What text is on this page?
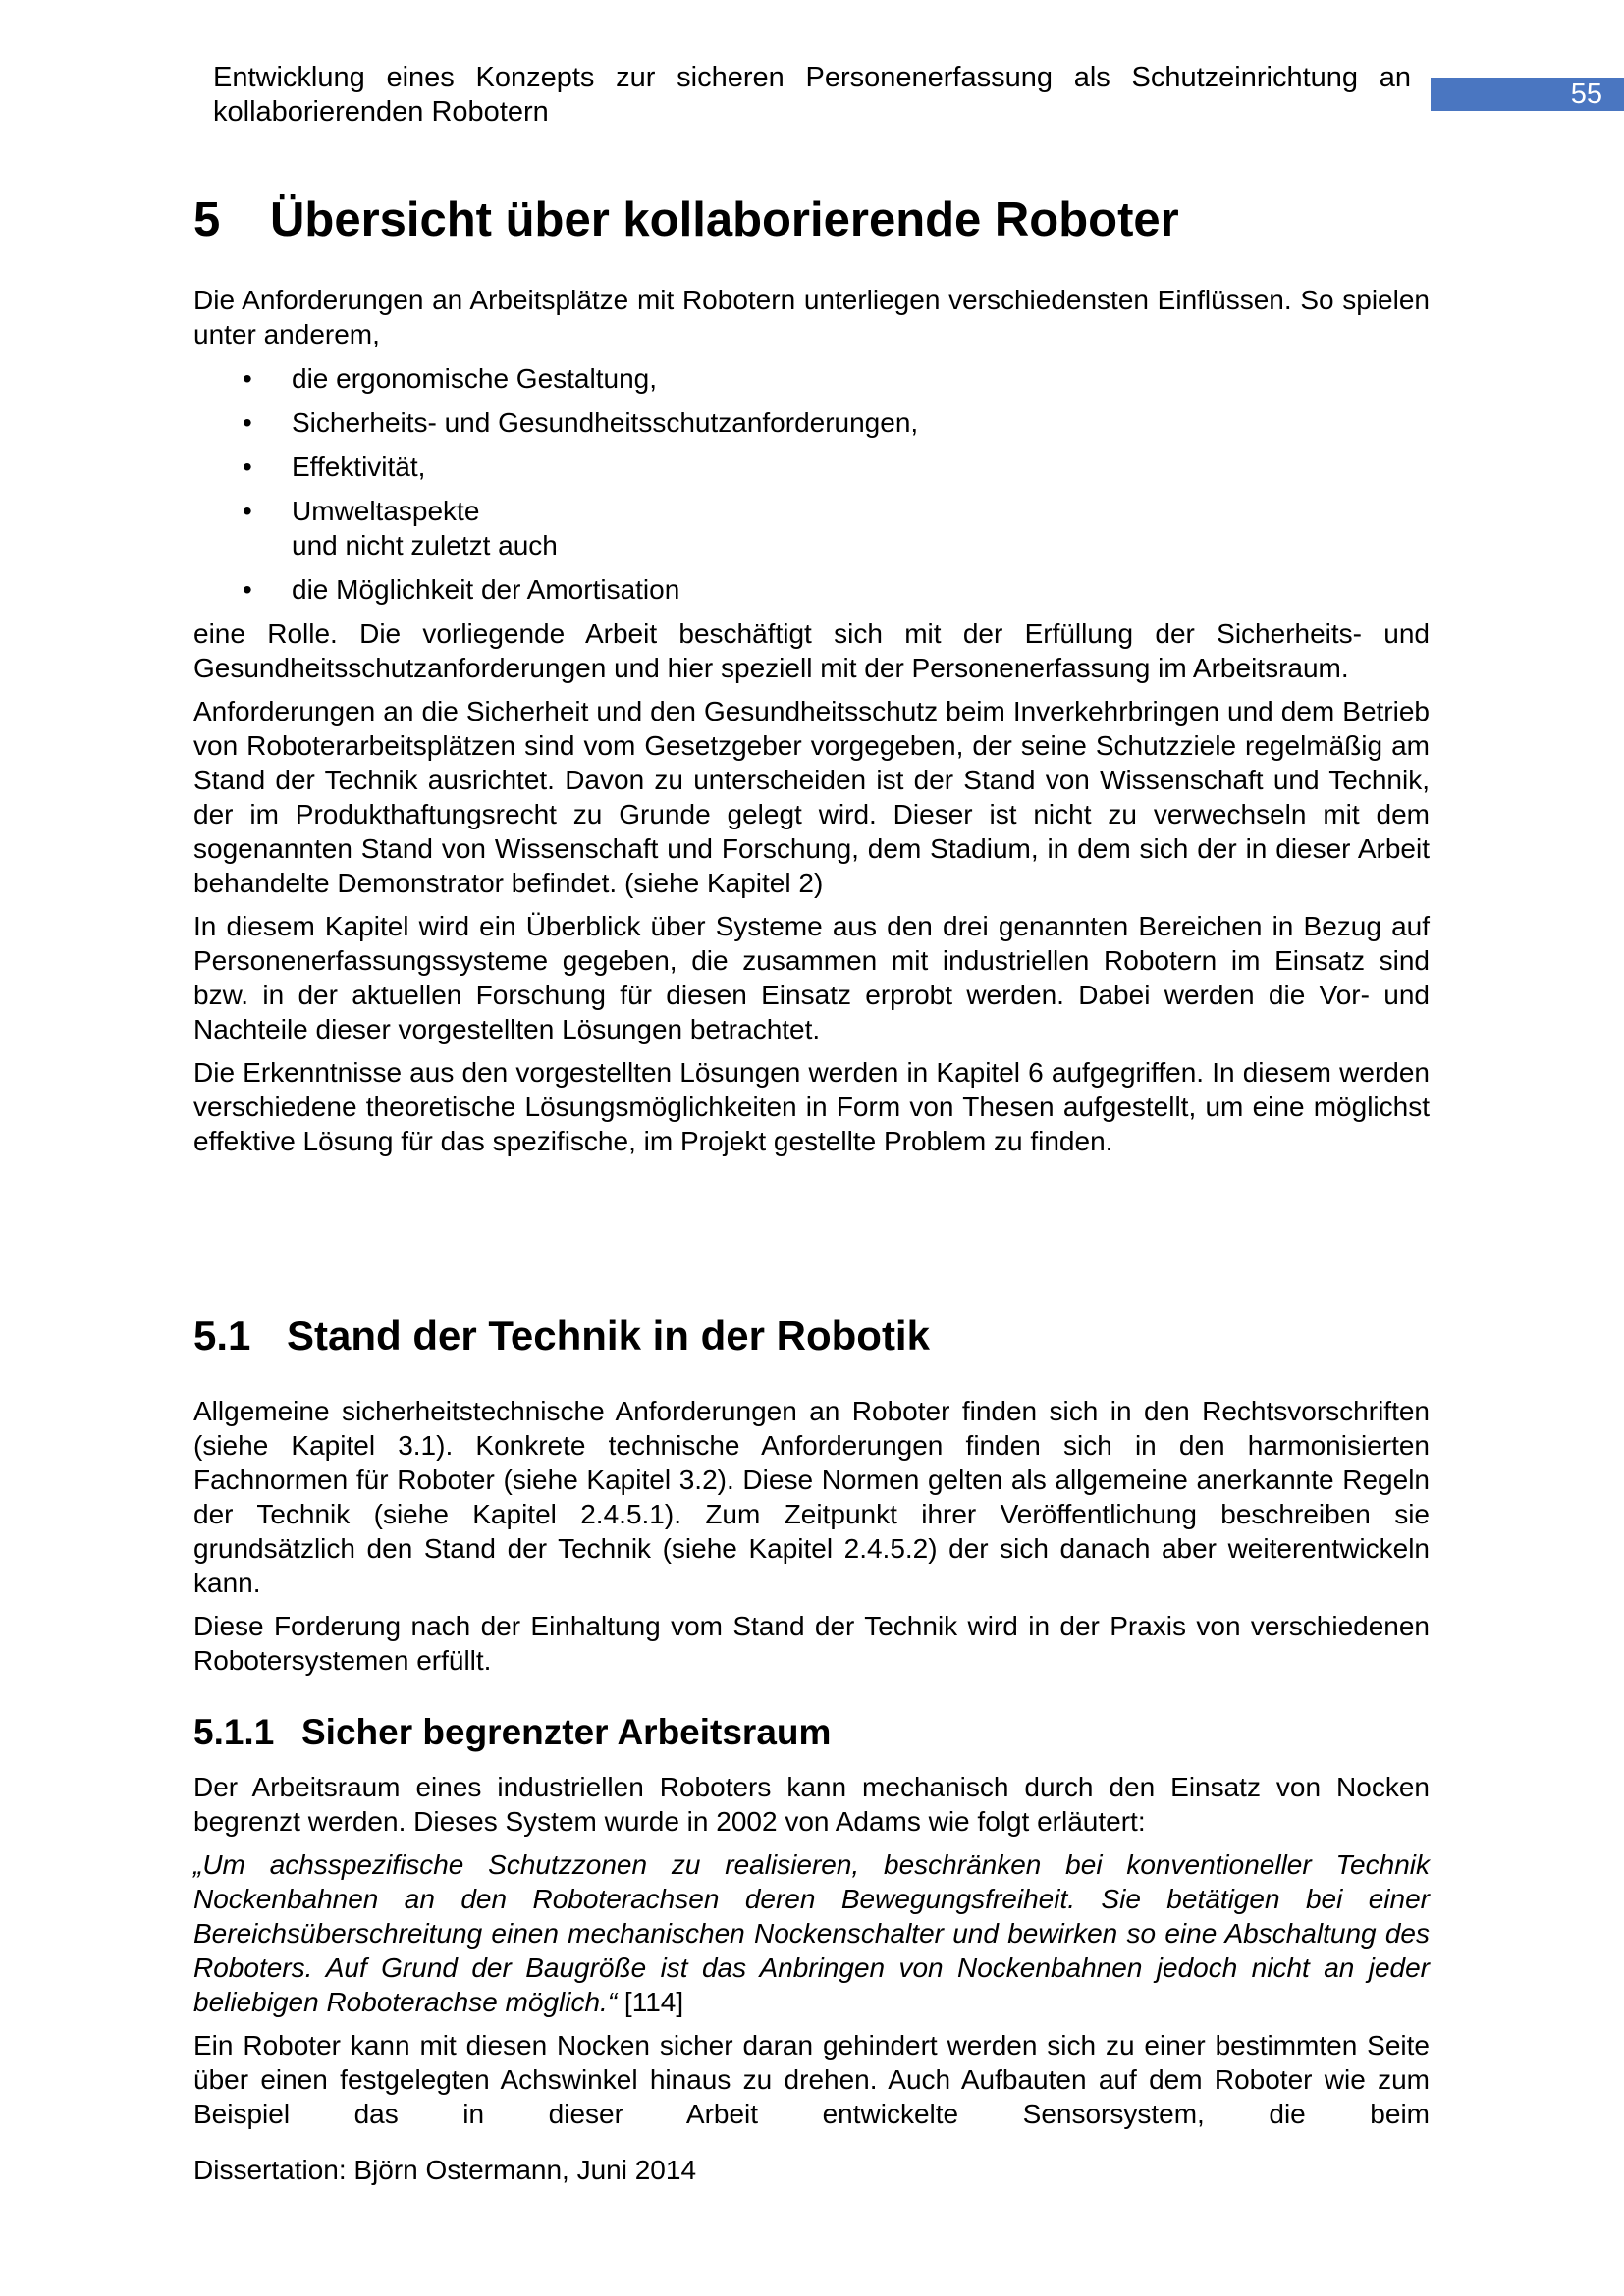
Entwicklung eines Konzepts zur sicheren Personenerfassung als Schutzeinrichtung an kollaborierenden Robotern
55
5 Übersicht über kollaborierende Roboter

Die Anforderungen an Arbeitsplätze mit Robotern unterliegen verschiedensten Einflüssen. So spielen unter anderem,

• die ergonomische Gestaltung,
• Sicherheits- und Gesundheitsschutzanforderungen,
• Effektivität,
• Umweltaspekte
und nicht zuletzt auch
• die Möglichkeit der Amortisation

eine Rolle. Die vorliegende Arbeit beschäftigt sich mit der Erfüllung der Sicherheits- und Gesundheitsschutzanforderungen und hier speziell mit der Personenerfassung im Arbeitsraum.

Anforderungen an die Sicherheit und den Gesundheitsschutz beim Inverkehrbringen und dem Betrieb von Roboterarbeitsplätzen sind vom Gesetzgeber vorgegeben, der seine Schutzziele regelmäßig am Stand der Technik ausrichtet. Davon zu unterscheiden ist der Stand von Wissenschaft und Technik, der im Produkthaftungsrecht zu Grunde gelegt wird. Dieser ist nicht zu verwechseln mit dem sogenannten Stand von Wissenschaft und Forschung, dem Stadium, in dem sich der in dieser Arbeit behandelte Demonstrator befindet. (siehe Kapitel 2)

In diesem Kapitel wird ein Überblick über Systeme aus den drei genannten Bereichen in Bezug auf Personenerfassungssysteme gegeben, die zusammen mit industriellen Robotern im Einsatz sind bzw. in der aktuellen Forschung für diesen Einsatz erprobt werden. Dabei werden die Vor- und Nachteile dieser vorgestellten Lösungen betrachtet.

Die Erkenntnisse aus den vorgestellten Lösungen werden in Kapitel 6 aufgegriffen. In diesem werden verschiedene theoretische Lösungsmöglichkeiten in Form von Thesen aufgestellt, um eine möglichst effektive Lösung für das spezifische, im Projekt gestellte Problem zu finden.

5.1 Stand der Technik in der Robotik

Allgemeine sicherheitstechnische Anforderungen an Roboter finden sich in den Rechtsvorschriften (siehe Kapitel 3.1). Konkrete technische Anforderungen finden sich in den harmonisierten Fachnormen für Roboter (siehe Kapitel 3.2). Diese Normen gelten als allgemeine anerkannte Regeln der Technik (siehe Kapitel 2.4.5.1). Zum Zeitpunkt ihrer Veröffentlichung beschreiben sie grundsätzlich den Stand der Technik (siehe Kapitel 2.4.5.2) der sich danach aber weiterentwickeln kann.

Diese Forderung nach der Einhaltung vom Stand der Technik wird in der Praxis von verschiedenen Robotersystemen erfüllt.

5.1.1 Sicher begrenzter Arbeitsraum

Der Arbeitsraum eines industriellen Roboters kann mechanisch durch den Einsatz von Nocken begrenzt werden. Dieses System wurde in 2002 von Adams wie folgt erläutert:

„Um achsspezifische Schutzzonen zu realisieren, beschränken bei konventioneller Technik Nockenbahnen an den Roboterachsen deren Bewegungsfreiheit. Sie betätigen bei einer Bereichsüberschreitung einen mechanischen Nockenschalter und bewirken so eine Abschaltung des Roboters. Auf Grund der Baugröße ist das Anbringen von Nockenbahnen jedoch nicht an jeder beliebigen Roboterachse möglich.“ [114]

Ein Roboter kann mit diesen Nocken sicher daran gehindert werden sich zu einer bestimmten Seite über einen festgelegten Achswinkel hinaus zu drehen. Auch Aufbauten auf dem Roboter wie zum Beispiel das in dieser Arbeit entwickelte Sensorsystem, die beim

Dissertation: Björn Ostermann, Juni 2014
